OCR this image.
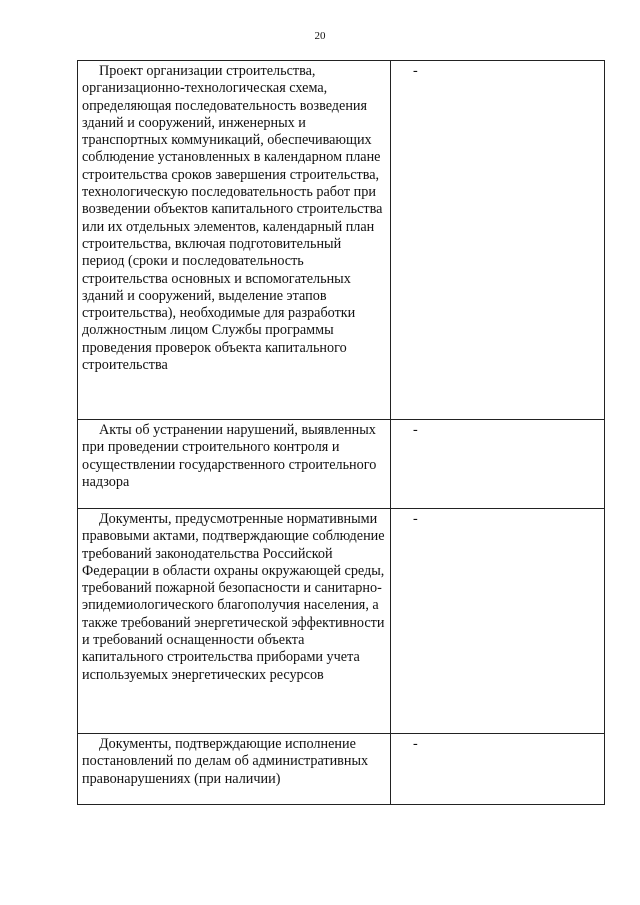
20
Проект организации строительства, организационно-технологическая схема, определяющая последовательность возведения зданий и сооружений, инженерных и транспортных коммуникаций, обеспечивающих соблюдение установленных в календарном плане строительства сроков завершения строительства, технологическую последовательность работ при возведении объектов капитального строительства или их отдельных элементов, календарный план строительства, включая подготовительный период (сроки и последовательность строительства основных и вспомогательных зданий и сооружений, выделение этапов строительства), необходимые для разработки должностным лицом Службы программы проведения проверок объекта капитального строительства	-

Акты об устранении нарушений, выявленных при проведении строительного контроля и осуществлении государственного строительного надзора	-

Документы, предусмотренные нормативными правовыми актами, подтверждающие соблюдение требований законодательства Российской Федерации в области охраны окружающей среды, требований пожарной безопасности и санитарно-эпидемиологического благополучия населения, а также требований энергетической эффективности и требований оснащенности объекта капитального строительства приборами учета используемых энергетических ресурсов	-

Документы, подтверждающие исполнение постановлений по делам об административных правонарушениях (при наличии)	-
